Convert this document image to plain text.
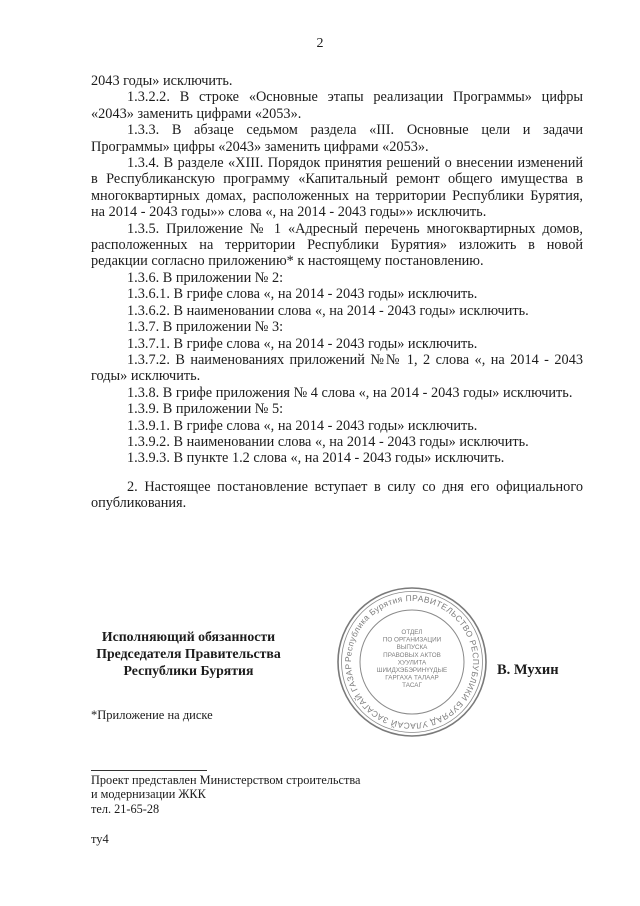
2

2043 годы» исключить.

1.3.2.2. В строке «Основные этапы реализации Программы» цифры «2043» заменить цифрами «2053».

1.3.3. В абзаце седьмом раздела «III. Основные цели и задачи Программы» цифры «2043» заменить цифрами «2053».

1.3.4. В разделе «XIII. Порядок принятия решений о внесении изменений в Республиканскую программу «Капитальный ремонт общего имущества в многоквартирных домах, расположенных на территории Республики Бурятия, на 2014 - 2043 годы»» слова «, на 2014 - 2043 годы»» исключить.

1.3.5. Приложение № 1 «Адресный перечень многоквартирных домов, расположенных на территории Республики Бурятия» изложить в новой редакции согласно приложению* к настоящему постановлению.

1.3.6. В приложении № 2:

1.3.6.1. В грифе слова «, на 2014 - 2043 годы» исключить.

1.3.6.2. В наименовании слова «, на 2014 - 2043 годы» исключить.

1.3.7. В приложении № 3:

1.3.7.1. В грифе слова «, на 2014 - 2043 годы» исключить.

1.3.7.2. В наименованиях приложений №№ 1, 2 слова «, на 2014 - 2043 годы» исключить.

1.3.8. В грифе приложения № 4 слова «, на 2014 - 2043 годы» исключить.

1.3.9. В приложении № 5:

1.3.9.1. В грифе слова «, на 2014 - 2043 годы» исключить.

1.3.9.2. В наименовании слова «, на 2014 - 2043 годы» исключить.

1.3.9.3. В пункте 1.2 слова «, на 2014 - 2043 годы» исключить.

2. Настоящее постановление вступает в силу со дня его официального опубликования.

Исполняющий обязанности
Председателя Правительства
Республики Бурятия
Республика Бурятия ПРАВИТЕЛЬСТВО РЕСПУБЛИКИ БУРЯАД УЛАСАЙ ЗАСАГАЙ ГАЗАР
ОТДЕЛ
ПО ОРГАНИЗАЦИИ
ВЫПУСКА
ПРАВОВЫХ АКТОВ
ХУУЛИТА
ШИИДХЭБЭРИНҮҮДЫЕ
ГАРГАХА ТАЛААР
ТАСАГ
В. Мухин
*Приложение на диске
Проект представлен Министерством строительства
и модернизации ЖКК
тел. 21-65-28
ту4
